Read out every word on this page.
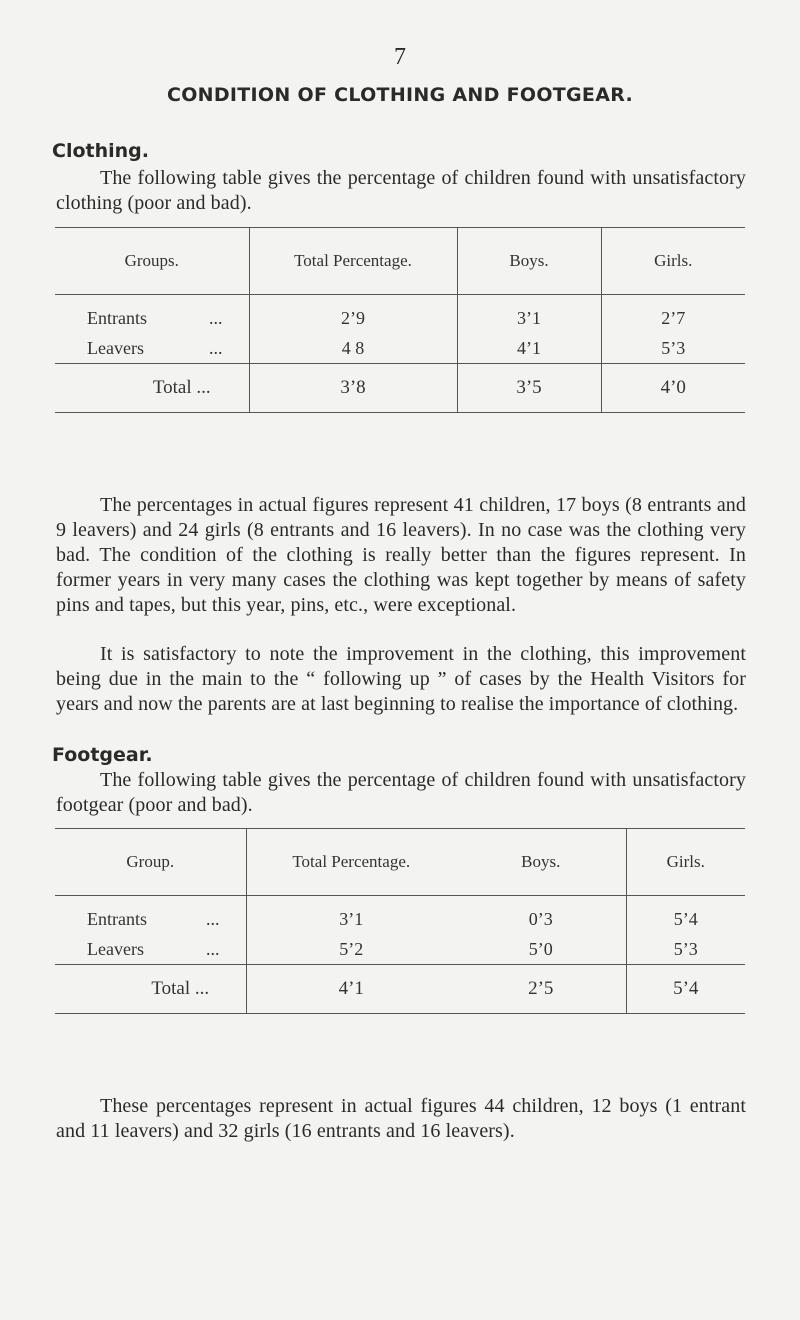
7
CONDITION OF CLOTHING AND FOOTGEAR.
Clothing.

The following table gives the percentage of children found with unsatisfactory clothing (poor and bad).

Groups.	Total Percentage.	Boys.	Girls.

Entrants ...	2’9	3’1	2’7

Leavers ...	4 8	4’1	5’3
Total ...	3’8	3’5	4’0

The percentages in actual figures represent 41 children, 17 boys (8 entrants and 9 leavers) and 24 girls (8 entrants and 16 leavers). In no case was the clothing very bad. The condition of the clothing is really better than the figures represent. In former years in very many cases the clothing was kept together by means of safety pins and tapes, but this year, pins, etc., were exceptional.

It is satisfactory to note the improvement in the clothing, this improvement being due in the main to the “ following up ” of cases by the Health Visitors for years and now the parents are at last beginning to realise the importance of clothing.

Footgear.

The following table gives the percentage of children found with unsatisfactory footgear (poor and bad).

Group.	Total Percentage.	Boys.	Girls.

Entrants ...	3’1	0’3	5’4

Leavers ...	5’2	5’0	5’3
Total ...	4’1	2’5	5’4

These percentages represent in actual figures 44 children, 12 boys (1 entrant and 11 leavers) and 32 girls (16 entrants and 16 leavers).
